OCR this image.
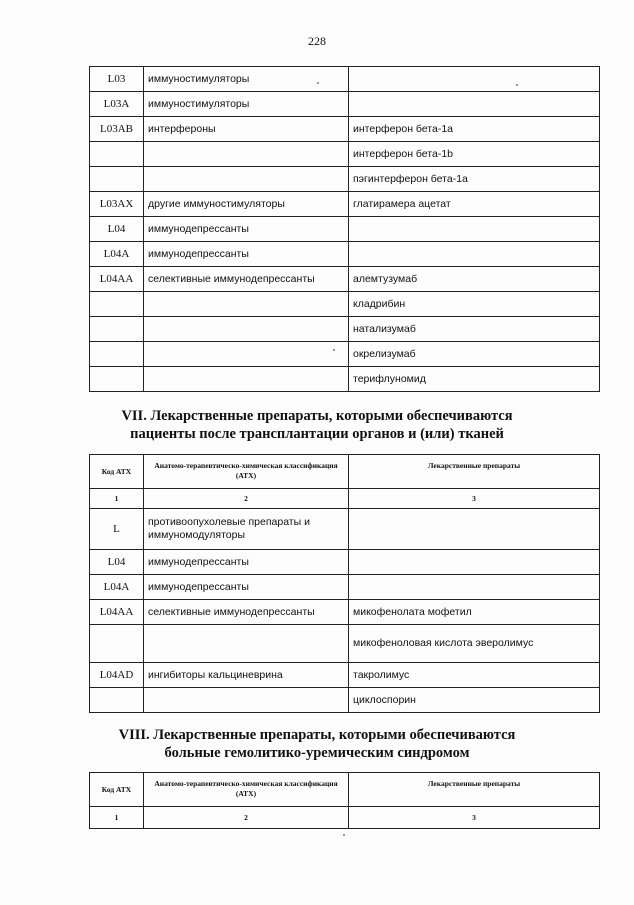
228
L03	иммуностимуляторы	
L03A	иммуностимуляторы	
L03AB	интерфероны	интерферон бета-1a
		интерферон бета-1b
		пэгинтерферон бета-1a
L03AX	другие иммуностимуляторы	глатирамера ацетат
L04	иммунодепрессанты	
L04A	иммунодепрессанты	
L04AA	селективные иммунодепрессанты	алемтузумаб
		кладрибин
		натализумаб
		окрелизумаб
		терифлуномид
VII. Лекарственные препараты, которыми обеспечиваются
пациенты после трансплантации органов и (или) тканей
Код АТХ	Анатомо-терапевтическо-химическая классификация (АТХ)	Лекарственные препараты
1	2	3
L	противоопухолевые препараты и иммуномодуляторы	
L04	иммунодепрессанты	
L04A	иммунодепрессанты	
L04AA	селективные иммунодепрессанты	микофенолата мофетил
		микофеноловая кислота эверолимус
L04AD	ингибиторы кальциневрина	такролимус
		циклоспорин
VIII. Лекарственные препараты, которыми обеспечиваются
больные гемолитико-уремическим синдромом
Код АТХ	Анатомо-терапевтическо-химическая классификация (АТХ)	Лекарственные препараты
1	2	3
